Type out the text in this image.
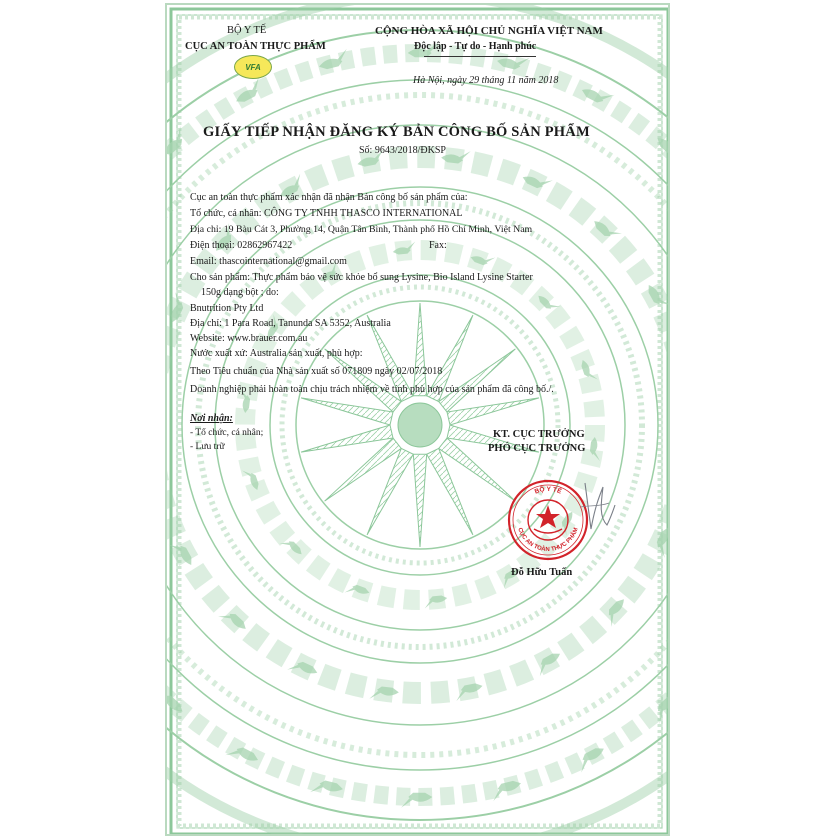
BỘ Y TẾ
CỤC AN TOÀN THỰC PHẨM
VFA
CỘNG HÒA XÃ HỘI CHỦ NGHĨA VIỆT NAM
Độc lập - Tự do - Hạnh phúc
Hà Nội, ngày 29 tháng 11 năm 2018
GIẤY TIẾP NHẬN ĐĂNG KÝ BẢN CÔNG BỐ SẢN PHẨM
Số: 9643/2018/ĐKSP
Cục an toàn thực phẩm xác nhận đã nhận Bản công bố sản phẩm của:
Tổ chức, cá nhân: CÔNG TY TNHH THASCO INTERNATIONAL
Địa chỉ: 19 Bàu Cát 3, Phường 14, Quận Tân Bình, Thành phố Hồ Chí Minh, Việt Nam
Điện thoại: 02862967422	Fax:
Email: thascointernational@gmail.com
Cho sản phẩm: Thực phẩm bảo vệ sức khỏe bổ sung Lysine, Bio Island Lysine Starter
150g dạng bột ; do:
Bnutrition Pty Ltd
Địa chỉ: 1 Para Road, Tanunda SA 5352, Australia
Website: www.brauer.com.au
Nước xuất xứ: Australia sản xuất, phù hợp:
Theo Tiêu chuẩn của Nhà sản xuất số 071809 ngày 02/07/2018
Doanh nghiệp phải hoàn toàn chịu trách nhiệm về tính phù hợp của sản phẩm đã công bố./.
Nơi nhận:
- Tổ chức, cá nhân;
- Lưu trữ
KT. CỤC TRƯỞNG
PHÓ CỤC TRƯỞNG
BỘ Y TẾ
CỤC AN TOÀN THỰC PHẨM
Đỗ Hữu Tuấn
